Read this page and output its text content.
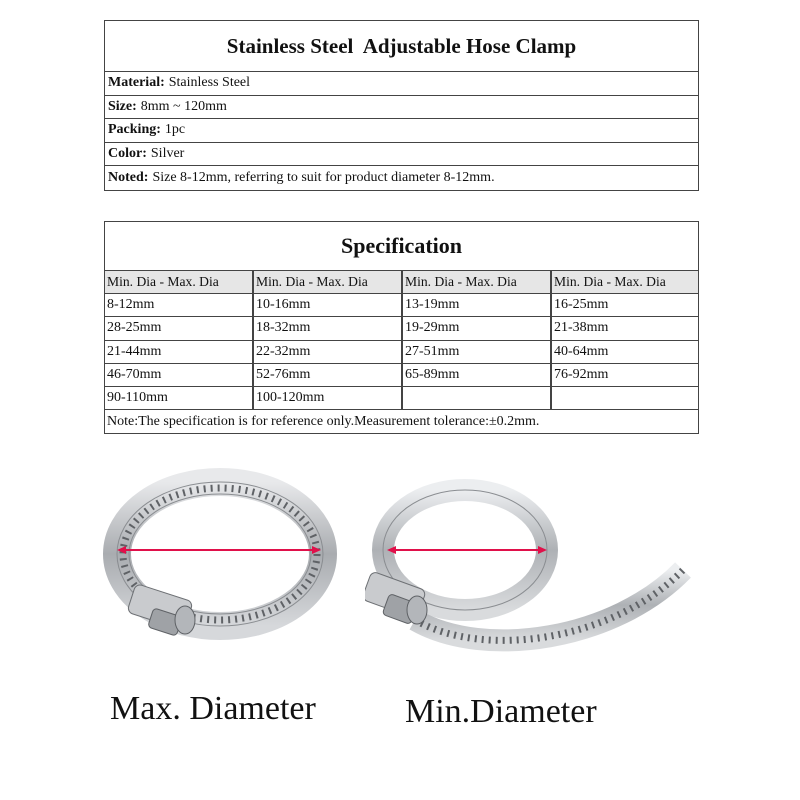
Stainless Steel  Adjustable Hose Clamp
Material: Stainless Steel
Size: 8mm ~ 120mm
Packing: 1pc
Color: Silver
Noted: Size 8-12mm, referring to suit for product diameter 8-12mm.
Specification
Min. Dia - Max. Dia	Min. Dia - Max. Dia	Min. Dia - Max. Dia	Min. Dia - Max. Dia
8-12mm	10-16mm	13-19mm	16-25mm
28-25mm	18-32mm	19-29mm	21-38mm
21-44mm	22-32mm	27-51mm	40-64mm
46-70mm	52-76mm	65-89mm	76-92mm
90-110mm	100-120mm
Note:The specification is for reference only.Measurement tolerance:±0.2mm.
Max. Diameter	Min.Diameter
